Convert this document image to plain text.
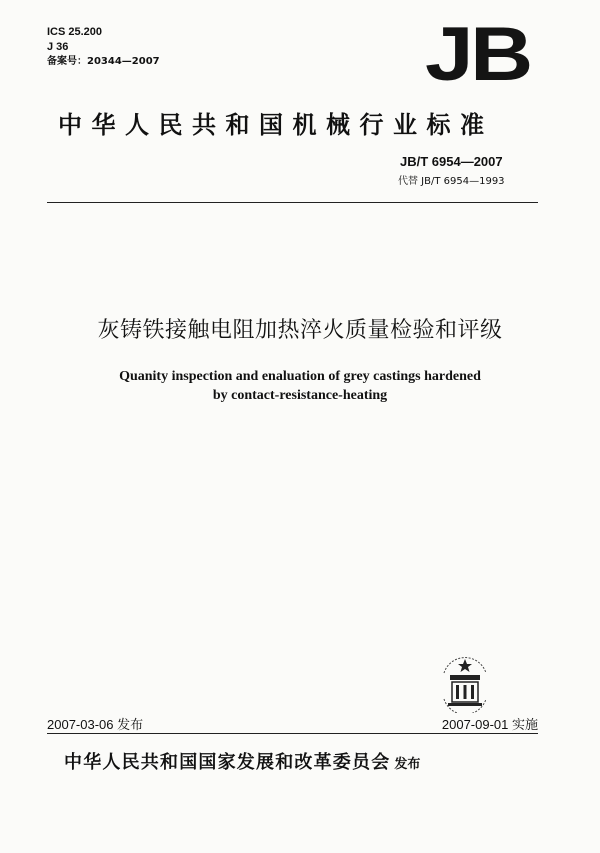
ICS 25.200
J 36
备案号：20344—2007	JB
中华人民共和国机械行业标准
JB/T 6954—2007
代替 JB/T 6954—1993
灰铸铁接触电阻加热淬火质量检验和评级
Quanity inspection and enaluation of grey castings hardened
by contact-resistance-heating
2007-03-06 发布	2007-09-01 实施
中华人民共和国国家发展和改革委员会 发布
